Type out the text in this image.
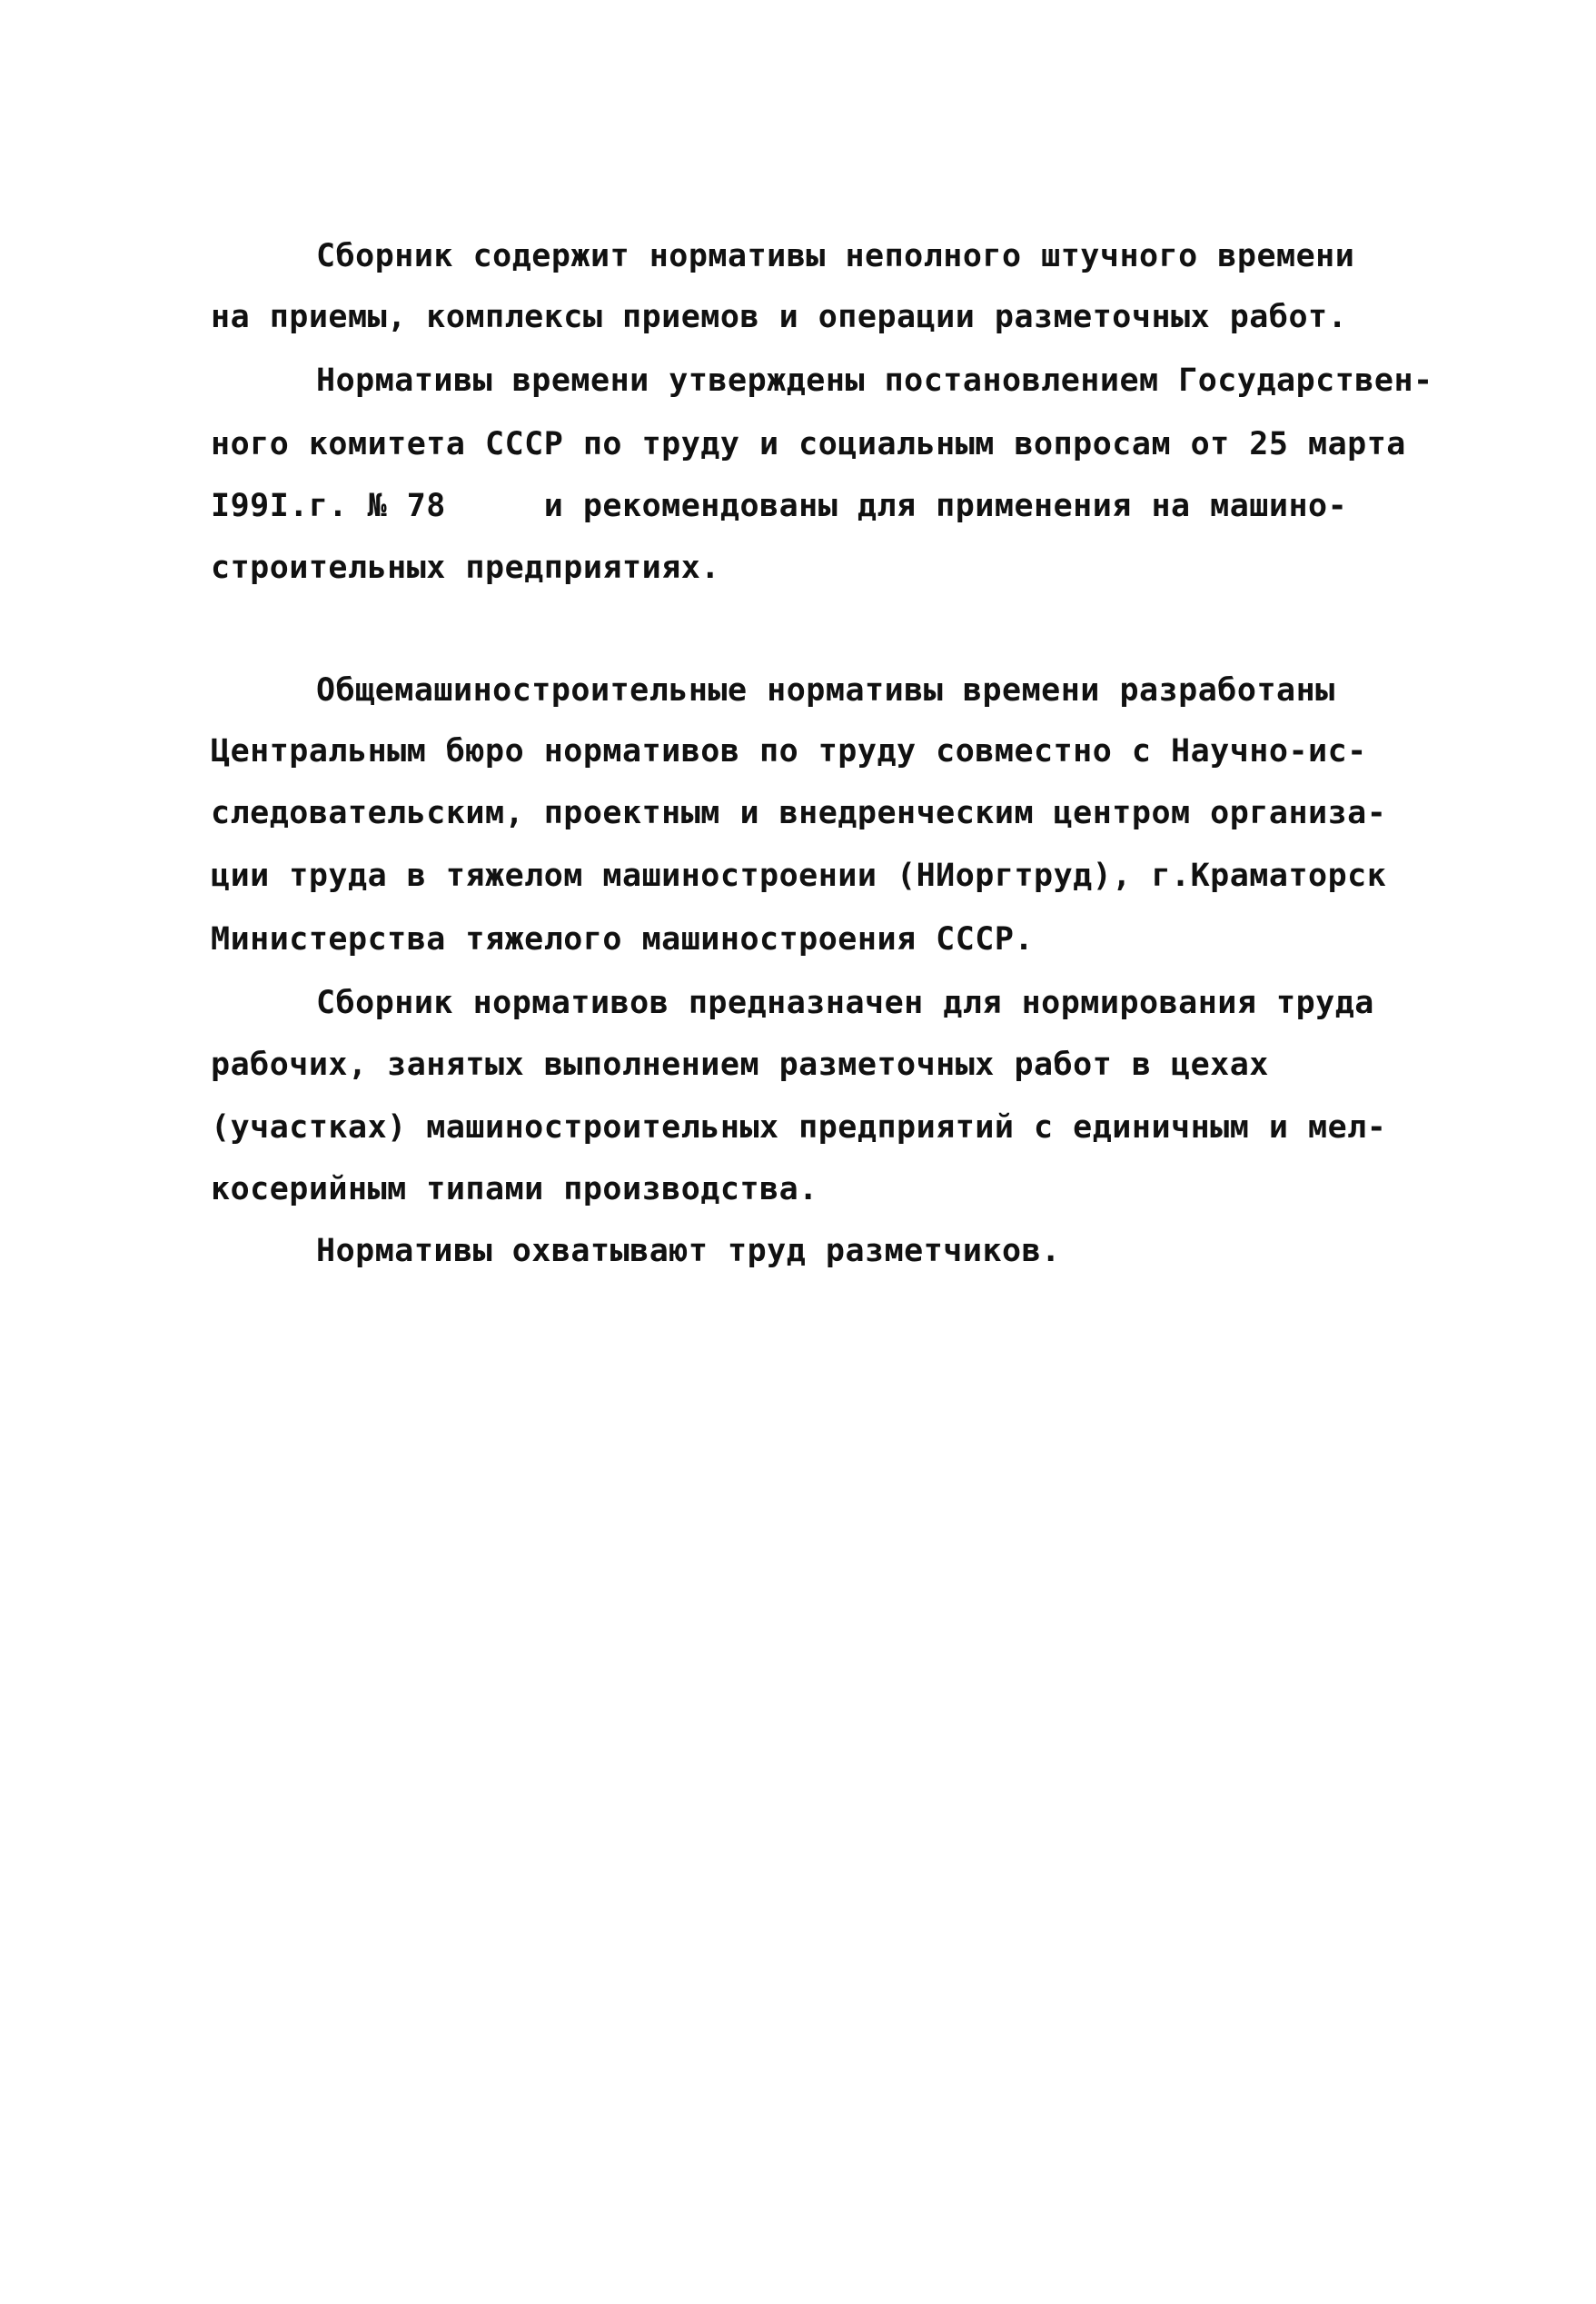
Сборник содержит нормативы неполного штучного времени
на приемы, комплексы приемов и операции разметочных работ.
Нормативы времени утверждены постановлением Государствен-
ного комитета СССР по труду и социальным вопросам от 25 марта
I99I.г. № 78     и рекомендованы для применения на машино-
строительных предприятиях.
Общемашиностроительные нормативы времени разработаны
Центральным бюро нормативов по труду совместно с Научно-ис-
следовательским, проектным и внедренческим центром организа-
ции труда в тяжелом машиностроении (НИоргтруд), г.Краматорск
Министерства тяжелого машиностроения СССР.
Сборник нормативов предназначен для нормирования труда
рабочих, занятых выполнением разметочных работ в цехах
(участках) машиностроительных предприятий с единичным и мел-
косерийным типами производства.
Нормативы охватывают труд разметчиков.
